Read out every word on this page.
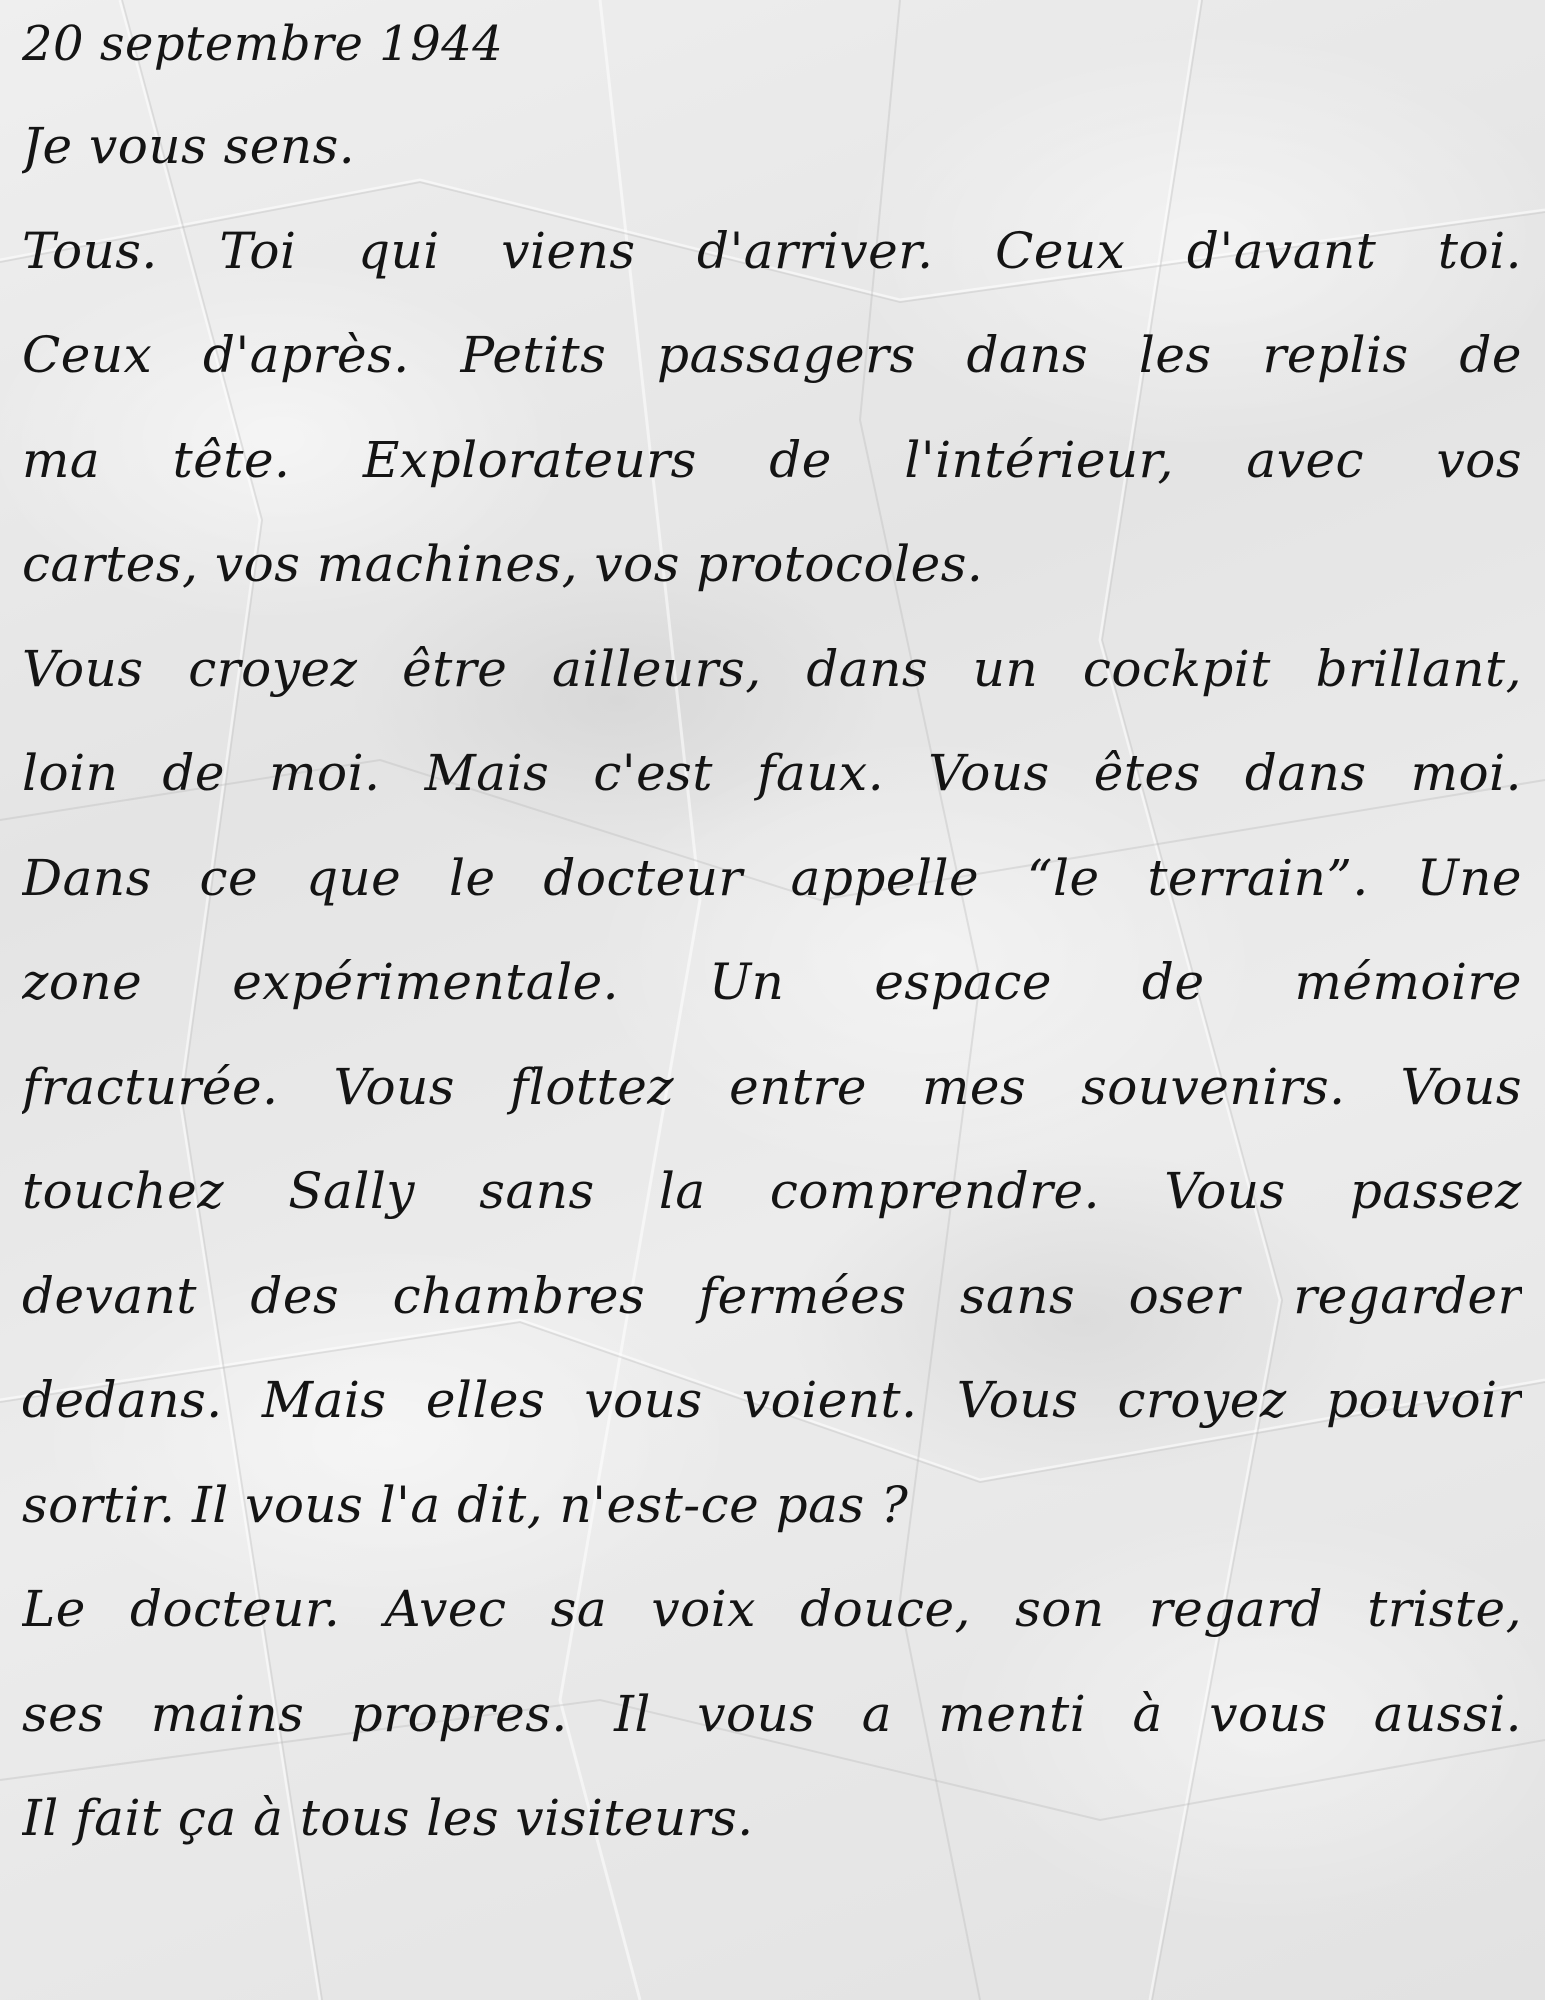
20 septembre 1944
Je vous sens.
Tous. Toi qui viens d'arriver. Ceux d'avant toi.
Ceux d'après. Petits passagers dans les replis de
ma tête. Explorateurs de l'intérieur, avec vos
cartes, vos machines, vos protocoles.
Vous croyez être ailleurs, dans un cockpit brillant,
loin de moi. Mais c'est faux. Vous êtes dans moi.
Dans ce que le docteur appelle “le terrain”. Une
zone expérimentale. Un espace de mémoire
fracturée. Vous flottez entre mes souvenirs. Vous
touchez Sally sans la comprendre. Vous passez
devant des chambres fermées sans oser regarder
dedans. Mais elles vous voient. Vous croyez pouvoir
sortir. Il vous l'a dit, n'est-ce pas ?
Le docteur. Avec sa voix douce, son regard triste,
ses mains propres. Il vous a menti à vous aussi.
Il fait ça à tous les visiteurs.
